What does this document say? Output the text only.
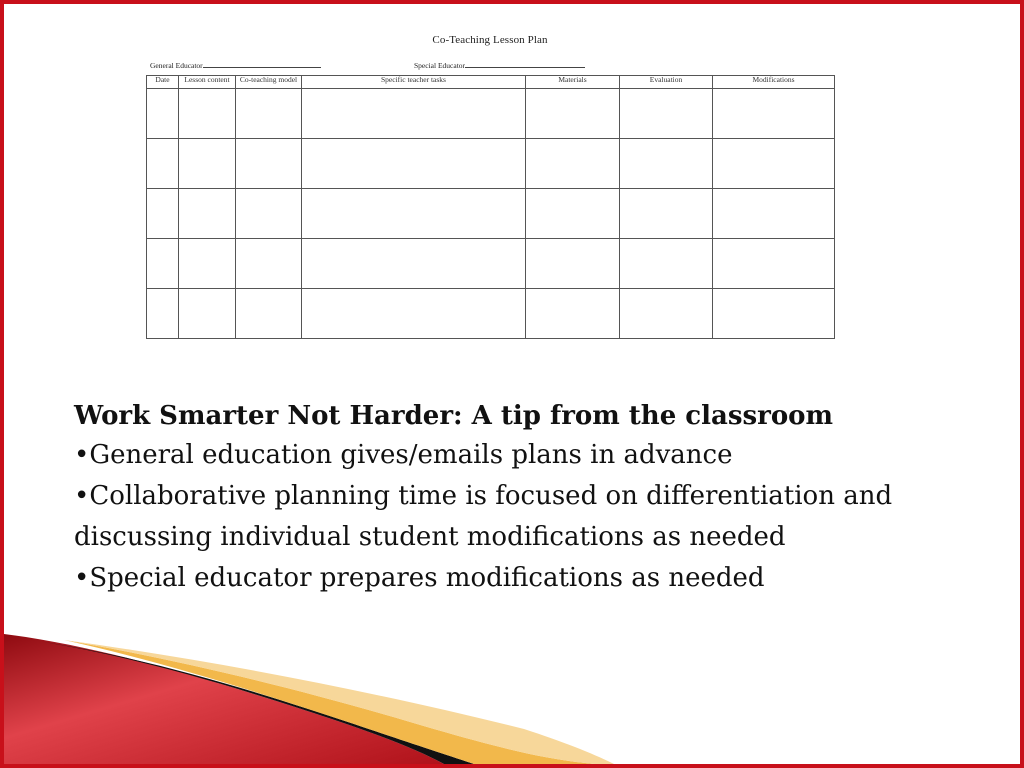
Co-Teaching Lesson Plan
General Educator	Special Educator
Date	Lesson content	Co-teaching model	Specific teacher tasks	Materials	Evaluation	Modifications

Work Smarter Not Harder: A tip from the classroom

•General education gives/emails plans in advance

•Collaborative planning time is focused on differentiation and discussing individual student modifications as needed

•Special educator prepares modifications as needed
